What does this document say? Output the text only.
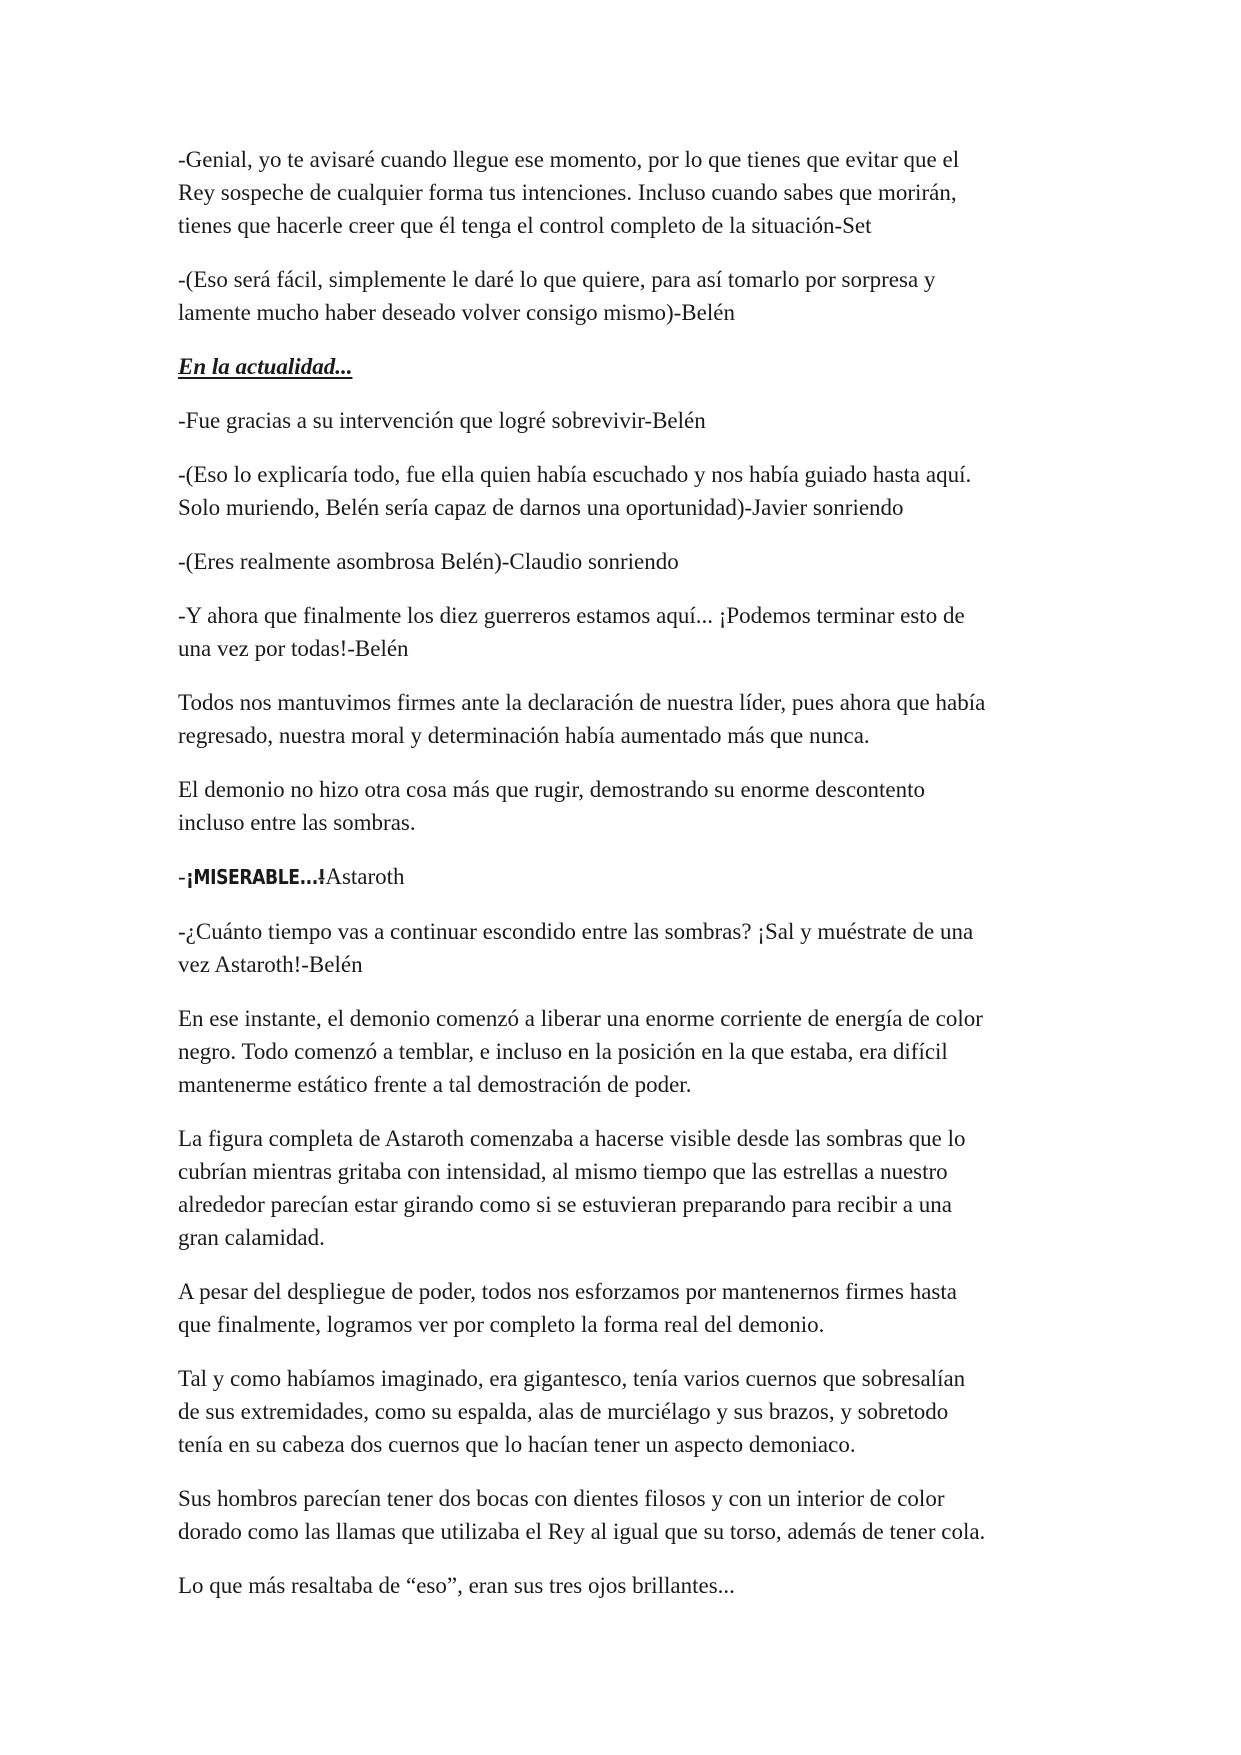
-Genial, yo te avisaré cuando llegue ese momento, por lo que tienes que evitar que el
Rey sospeche de cualquier forma tus intenciones. Incluso cuando sabes que morirán,
tienes que hacerle creer que él tenga el control completo de la situación-Set

-(Eso será fácil, simplemente le daré lo que quiere, para así tomarlo por sorpresa y
lamente mucho haber deseado volver consigo mismo)-Belén

En la actualidad...

-Fue gracias a su intervención que logré sobrevivir-Belén

-(Eso lo explicaría todo, fue ella quien había escuchado y nos había guiado hasta aquí.
Solo muriendo, Belén sería capaz de darnos una oportunidad)-Javier sonriendo

-(Eres realmente asombrosa Belén)-Claudio sonriendo

-Y ahora que finalmente los diez guerreros estamos aquí... ¡Podemos terminar esto de
una vez por todas!-Belén

Todos nos mantuvimos firmes ante la declaración de nuestra líder, pues ahora que había
regresado, nuestra moral y determinación había aumentado más que nunca.

El demonio no hizo otra cosa más que rugir, demostrando su enorme descontento
incluso entre las sombras.

-¡MISERABLE...!-Astaroth

-¿Cuánto tiempo vas a continuar escondido entre las sombras? ¡Sal y muéstrate de una
vez Astaroth!-Belén

En ese instante, el demonio comenzó a liberar una enorme corriente de energía de color
negro. Todo comenzó a temblar, e incluso en la posición en la que estaba, era difícil
mantenerme estático frente a tal demostración de poder.

La figura completa de Astaroth comenzaba a hacerse visible desde las sombras que lo
cubrían mientras gritaba con intensidad, al mismo tiempo que las estrellas a nuestro
alrededor parecían estar girando como si se estuvieran preparando para recibir a una
gran calamidad.

A pesar del despliegue de poder, todos nos esforzamos por mantenernos firmes hasta
que finalmente, logramos ver por completo la forma real del demonio.

Tal y como habíamos imaginado, era gigantesco, tenía varios cuernos que sobresalían
de sus extremidades, como su espalda, alas de murciélago y sus brazos, y sobretodo
tenía en su cabeza dos cuernos que lo hacían tener un aspecto demoniaco.

Sus hombros parecían tener dos bocas con dientes filosos y con un interior de color
dorado como las llamas que utilizaba el Rey al igual que su torso, además de tener cola.

Lo que más resaltaba de “eso”, eran sus tres ojos brillantes...
